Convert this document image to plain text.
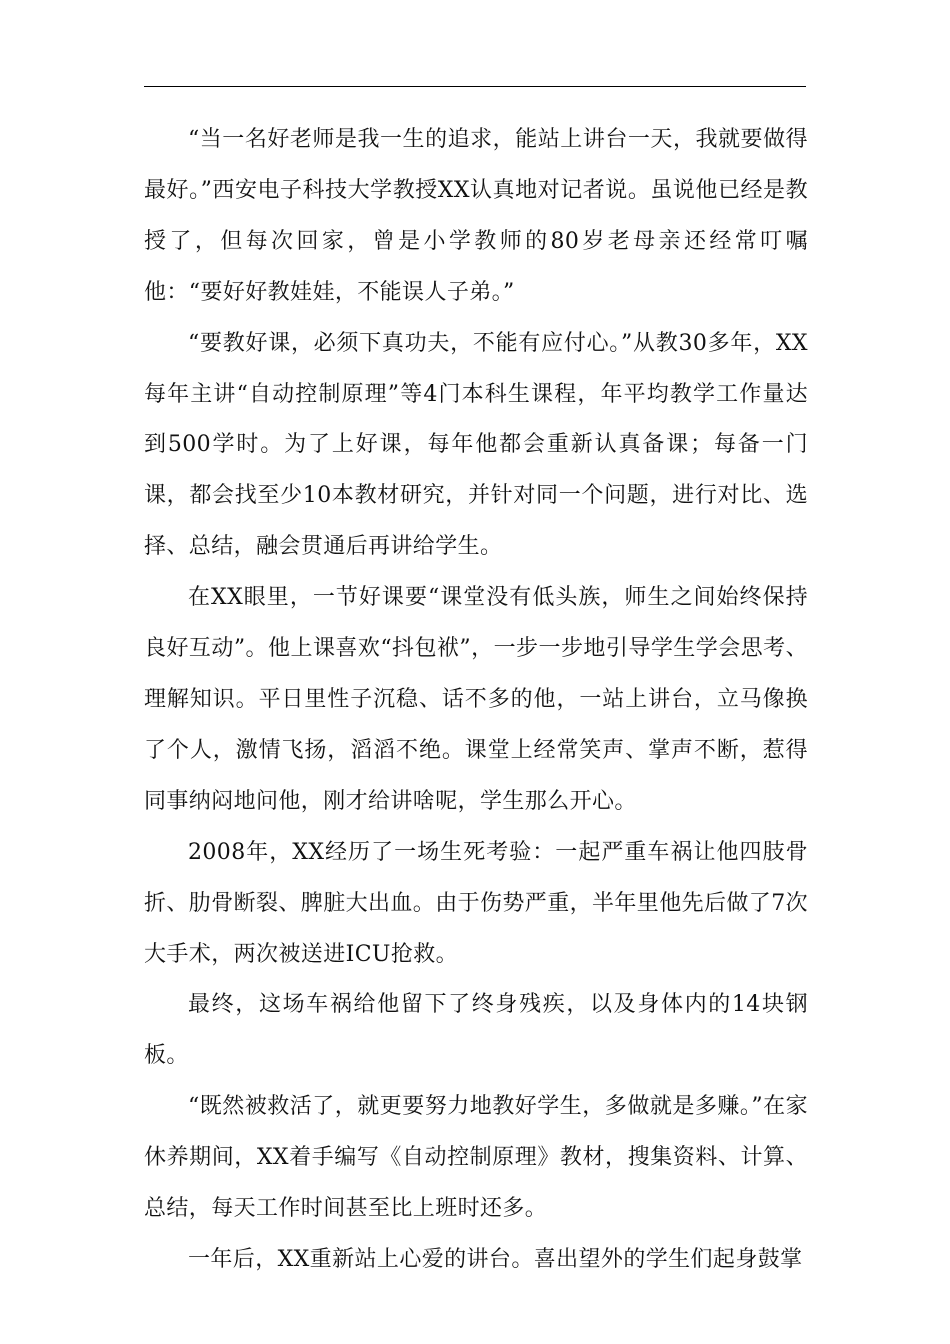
“当一名好老师是我一生的追求，能站上讲台一天，我就要做得最好。”西安电子科技大学教授XX认真地对记者说。虽说他已经是教授了，但每次回家，曾是小学教师的80岁老母亲还经常叮嘱他：“要好好教娃娃，不能误人子弟。”

“要教好课，必须下真功夫，不能有应付心。”从教30多年，XX每年主讲“自动控制原理”等4门本科生课程，年平均教学工作量达到500学时。为了上好课，每年他都会重新认真备课；每备一门课，都会找至少10本教材研究，并针对同一个问题，进行对比、选择、总结，融会贯通后再讲给学生。

在XX眼里，一节好课要“课堂没有低头族，师生之间始终保持良好互动”。他上课喜欢“抖包袱”，一步一步地引导学生学会思考、理解知识。平日里性子沉稳、话不多的他，一站上讲台，立马像换了个人，激情飞扬，滔滔不绝。课堂上经常笑声、掌声不断，惹得同事纳闷地问他，刚才给讲啥呢，学生那么开心。

2008年，XX经历了一场生死考验：一起严重车祸让他四肢骨折、肋骨断裂、脾脏大出血。由于伤势严重，半年里他先后做了7次大手术，两次被送进ICU抢救。

最终，这场车祸给他留下了终身残疾，以及身体内的14块钢板。

“既然被救活了，就更要努力地教好学生，多做就是多赚。”在家休养期间，XX着手编写《自动控制原理》教材，搜集资料、计算、总结，每天工作时间甚至比上班时还多。

一年后，XX重新站上心爱的讲台。喜出望外的学生们起身鼓掌
